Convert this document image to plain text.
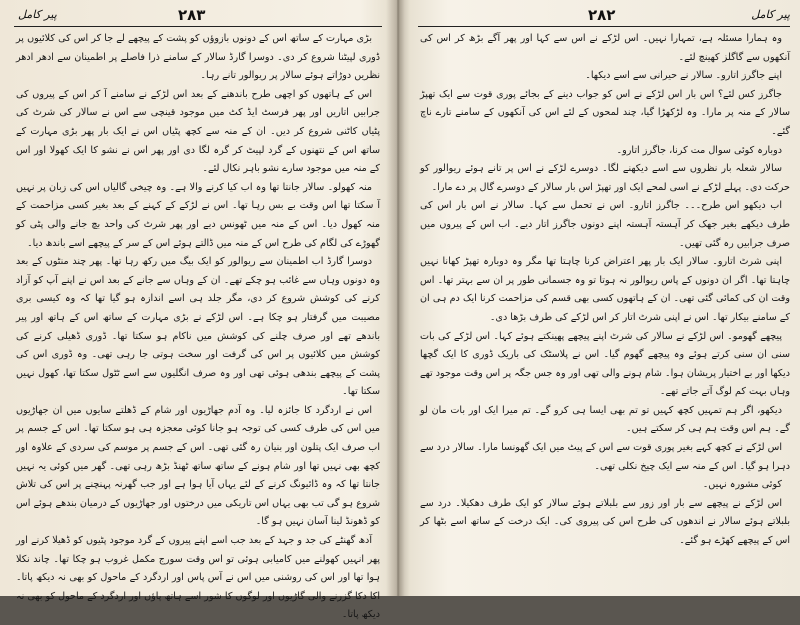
پیر کامل	۲۸۳

بڑی مہارت کے ساتھ اس کے دونوں بازوؤں کو پشت کے پیچھے لے جا کر اس کی کلائیوں پر ڈوری لپیٹنا شروع کر دی۔ دوسرا گارڈ سالار کے سامنے ذرا فاصلے پر اطمینان سے ادھر ادھر نظریں دوڑاتے ہوئے سالار پر ریوالور تانے رہا۔

اس کے ہاتھوں کو اچھی طرح باندھنے کے بعد اس لڑکے نے سامنے آ کر اس کے پیروں کی جرابیں اتاریں اور پھر فرسٹ ایڈ کٹ میں موجود قینچی سے اس نے سالار کی شرٹ کی پٹیاں کاٹنی شروع کر دیں۔ ان کے منہ سے کچھ پٹیاں اس نے ایک بار پھر بڑی مہارت کے ساتھ اس کے نتھنوں کے گرد لپیٹ کر گرہ لگا دی اور پھر اس نے نشو کا ایک کھولا اور اس کے منہ میں موجود سارے نشو باہر نکال لئے۔

منہ کھولو۔ سالار جانتا تھا وہ اب کیا کرنے والا ہے۔ وہ چیخی گالیاں اس کی زبان پر نہیں آ سکتا تھا اس وقت بے بس رہا تھا۔ اس نے لڑکے کے کہنے کے بعد بغیر کسی مزاحمت کے منہ کھول دیا۔ اس کے منہ میں ٹھونس دیے اور پھر شرٹ کی واحد بچ جانے والی پٹی کو گھوڑے کی لگام کی طرح اس کے منہ میں ڈالتے ہوئے اس کے سر کے پیچھے اسے باندھ دیا۔

دوسرا گارڈ اب اطمینان سے ریوالور کو ایک بیگ میں رکھ رہا تھا۔ پھر چند منٹوں کے بعد وہ دونوں وہاں سے غائب ہو چکے تھے۔ ان کے وہاں سے جانے کے بعد اس نے اپنے آپ کو آزاد کرنے کی کوشش شروع کر دی، مگر جلد ہی اسے اندازہ ہو گیا تھا کہ وہ کیسی بری مصیبت میں گرفتار ہو چکا ہے۔ اس لڑکے نے بڑی مہارت کے ساتھ اس کے ہاتھ اور پیر باندھے تھے اور صرف چلنے کی کوشش میں ناکام ہو سکتا تھا۔ ڈوری ڈھیلی کرنے کی کوشش میں کلائیوں پر اس کی گرفت اور سخت ہوتی جا رہی تھی۔ وہ ڈوری اس کی پشت کے پیچھے بندھی ہوئی تھی اور وہ صرف انگلیوں سے اسے ٹٹول سکتا تھا، کھول نہیں سکتا تھا۔

اس نے اردگرد کا جائزہ لیا۔ وہ آدم جھاڑیوں اور شام کے ڈھلتے سایوں میں ان جھاڑیوں میں اس کی طرف کسی کی توجہ ہو جانا کوئی معجزہ ہی ہو سکتا تھا۔ اس کے جسم پر اب صرف ایک پتلون اور بنیان رہ گئی تھی۔ اس کے جسم پر موسم کی سردی کے علاوہ اور کچھ بھی نہیں تھا اور شام ہونے کے ساتھ ساتھ ٹھنڈ بڑھ رہی تھی۔ گھر میں کوئی یہ نہیں جانتا تھا کہ وہ ڈائیونگ کرنے کے لئے یہاں آیا ہوا ہے اور جب گھرنہ پہنچنے پر اس کی تلاش شروع ہو گی تب بھی یہاں اس تاریکی میں درختوں اور جھاڑیوں کے درمیان بندھے ہوئے اس کو ڈھونڈ لینا آسان نہیں ہو گا۔

آدھ گھنٹے کی جد و جہد کے بعد جب اسے اپنے پیروں کے گرد موجود پٹیوں کو ڈھیلا کرنے اور پھر انہیں کھولنے میں کامیابی ہوئی تو اس وقت سورج مکمل غروب ہو چکا تھا۔ چاند نکلا ہوا تھا اور اس کی روشنی میں اس نے آس پاس اور اردگرد کے ماحول کو بھی نہ دیکھ پاتا۔ اکا دکا گزرنے والی گاڑیوں اور لوگوں کا شور اسے ہاتھ پاؤں اور اردگرد کے ماحول کو بھی نہ دیکھ پاتا۔

پیر کامل
۲۸۲

وہ ہمارا مسئلہ ہے، تمہارا نہیں۔ اس لڑکے نے اس سے کہا اور پھر آگے بڑھ کر اس کی آنکھوں سے گاگلز کھینچ لئے۔

اپنے جاگرز اتارو۔ سالار نے حیرانی سے اسے دیکھا۔

جاگرز کس لئے؟ اس بار اس لڑکے نے اس کو جواب دینے کے بجائے پوری قوت سے ایک تھپڑ سالار کے منہ پر مارا۔ وہ لڑکھڑا گیا، چند لمحوں کے لئے اس کی آنکھوں کے سامنے تارے ناچ گئے۔

دوبارہ کوئی سوال مت کرنا، جاگرز اتارو۔

سالار شعلہ بار نظروں سے اسے دیکھنے لگا۔ دوسرے لڑکے نے اس پر تانے ہوئے ریوالور کو حرکت دی۔ پہلے لڑکے نے اسی لمحے ایک اور تھپڑ اس بار سالار کے دوسرے گال پر دے مارا۔

اب دیکھو اس طرح۔۔۔ جاگرز اتارو۔ اس نے تحمل سے کہا۔ سالار نے اس بار اس کی طرف دیکھے بغیر جھک کر آہستہ آہستہ اپنے دونوں جاگرز اتار دیے۔ اب اس کے پیروں میں صرف جرابیں رہ گئی تھیں۔

اپنی شرٹ اتارو۔ سالار ایک بار پھر اعتراض کرنا چاہتا تھا مگر وہ دوبارہ تھپڑ کھانا نہیں چاہتا تھا۔ اگر ان دونوں کے پاس ریوالور نہ ہوتا تو وہ جسمانی طور پر ان سے بہتر تھا۔ اس وقت ان کی کمائی گئی تھی۔ ان کے ہاتھوں کسی بھی قسم کی مزاحمت کرنا ایک دم ہی ان کے سامنے بیکار تھا۔ اس نے اپنی شرٹ اتار کر اس لڑکے کی طرف بڑھا دی۔

پیچھے گھومو۔ اس لڑکے نے سالار کی شرٹ اپنے پیچھے پھینکتے ہوئے کہا۔ اس لڑکے کی بات سنی ان سنی کرتے ہوئے وہ پیچھے گھوم گیا۔ اس نے پلاسٹک کی باریک ڈوری کا ایک گچھا دیکھا اور بے اختیار پریشان ہوا۔ شام ہونے والی تھی اور وہ جس جگہ پر اس وقت موجود تھے وہاں بہت کم لوگ آتے جاتے تھے۔

دیکھو، اگر ہم تمہیں کچھ کہیں تو تم بھی ایسا ہی کرو گے۔ تم میرا ایک اور بات مان لو گے۔ ہم اس وقت ہم ہی کر سکتے ہیں۔

اس لڑکے نے کچھ کہے بغیر پوری قوت سے اس کے پیٹ میں ایک گھونسا مارا۔ سالار درد سے دہرا ہو گیا۔ اس کے منہ سے ایک چیخ نکلی تھی۔

کوئی مشورہ نہیں۔

اس لڑکے نے پیچھے سے بار اور زور سے بلبلاتے ہوئے سالار کو ایک طرف دھکیلا۔ درد سے بلبلاتے ہوئے سالار نے اندھوں کی طرح اس کی پیروی کی۔ ایک درخت کے ساتھ اسے بٹھا کر اس کے پیچھے کھڑے ہو گئے۔
